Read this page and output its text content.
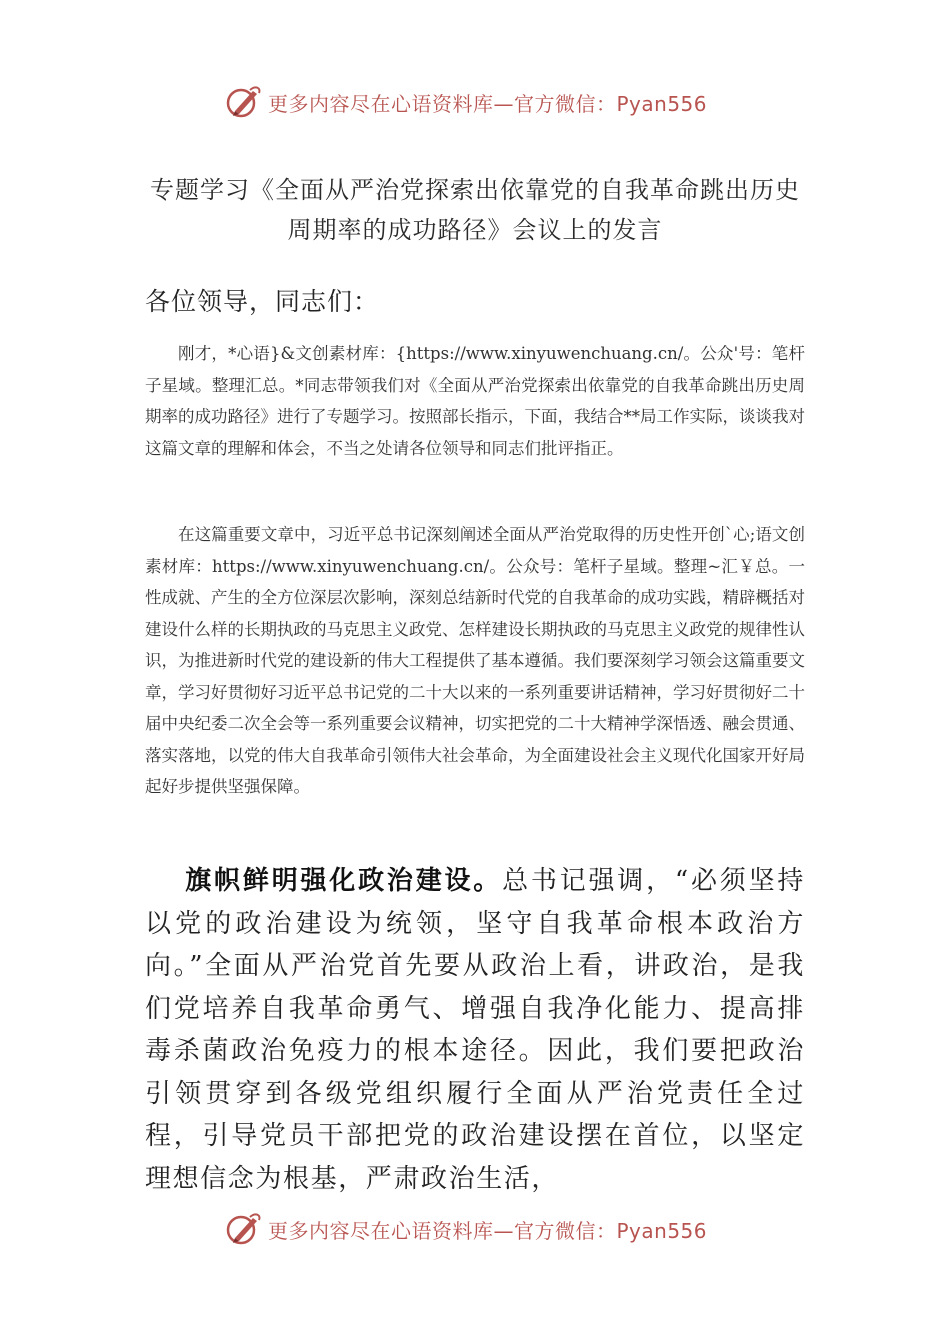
更多内容尽在心语资料库—官方微信：Pyan556
专题学习《全面从严治党探索出依靠党的自我革命跳出历史周期率的成功路径》会议上的发言
各位领导，同志们：

刚才，*心语}&文创素材库：{https://www.xinyuwenchuang.cn/。公众'号：笔杆子星域。整理汇总。*同志带领我们对《全面从严治党探索出依靠党的自我革命跳出历史周期率的成功路径》进行了专题学习。按照部长指示，下面，我结合**局工作实际，谈谈我对这篇文章的理解和体会，不当之处请各位领导和同志们批评指正。

在这篇重要文章中，习近平总书记深刻阐述全面从严治党取得的历史性开创`心;语文创素材库：https://www.xinyuwenchuang.cn/。公众号：笔杆子星域。整理~汇￥总。一性成就、产生的全方位深层次影响，深刻总结新时代党的自我革命的成功实践，精辟概括对建设什么样的长期执政的马克思主义政党、怎样建设长期执政的马克思主义政党的规律性认识，为推进新时代党的建设新的伟大工程提供了基本遵循。我们要深刻学习领会这篇重要文章，学习好贯彻好习近平总书记党的二十大以来的一系列重要讲话精神，学习好贯彻好二十届中央纪委二次全会等一系列重要会议精神，切实把党的二十大精神学深悟透、融会贯通、落实落地，以党的伟大自我革命引领伟大社会革命，为全面建设社会主义现代化国家开好局起好步提供坚强保障。

旗帜鲜明强化政治建设。总书记强调，“必须坚持以党的政治建设为统领，坚守自我革命根本政治方向。”全面从严治党首先要从政治上看，讲政治，是我们党培养自我革命勇气、增强自我净化能力、提高排毒杀菌政治免疫力的根本途径。因此，我们要把政治引领贯穿到各级党组织履行全面从严治党责任全过程，引导党员干部把党的政治建设摆在首位，以坚定理想信念为根基，严肃政治生活，

更多内容尽在心语资料库—官方微信：Pyan556
